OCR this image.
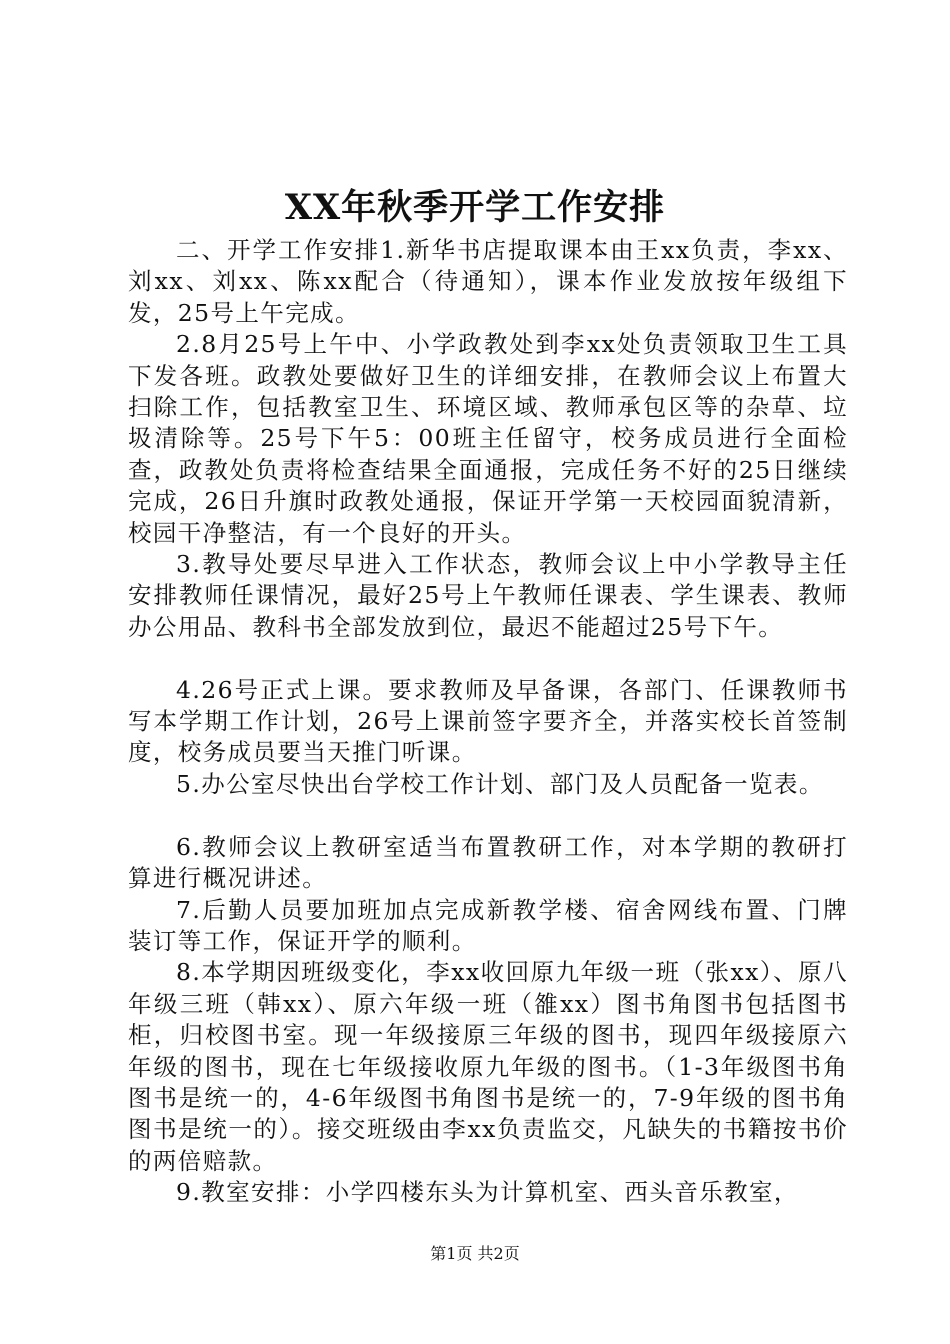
XX年秋季开学工作安排

二、开学工作安排1.新华书店提取课本由王xx负责，李xx、刘xx、刘xx、陈xx配合（待通知），课本作业发放按年级组下发，25号上午完成。

2.8月25号上午中、小学政教处到李xx处负责领取卫生工具下发各班。政教处要做好卫生的详细安排，在教师会议上布置大扫除工作，包括教室卫生、环境区域、教师承包区等的杂草、垃圾清除等。25号下午5：00班主任留守，校务成员进行全面检查，政教处负责将检查结果全面通报，完成任务不好的25日继续完成，26日升旗时政教处通报，保证开学第一天校园面貌清新，校园干净整洁，有一个良好的开头。

3.教导处要尽早进入工作状态，教师会议上中小学教导主任安排教师任课情况，最好25号上午教师任课表、学生课表、教师办公用品、教科书全部发放到位，最迟不能超过25号下午。

4.26号正式上课。要求教师及早备课，各部门、任课教师书写本学期工作计划，26号上课前签字要齐全，并落实校长首签制度，校务成员要当天推门听课。

5.办公室尽快出台学校工作计划、部门及人员配备一览表。

6.教师会议上教研室适当布置教研工作，对本学期的教研打算进行概况讲述。

7.后勤人员要加班加点完成新教学楼、宿舍网线布置、门牌装订等工作，保证开学的顺利。

8.本学期因班级变化，李xx收回原九年级一班（张xx）、原八年级三班（韩xx）、原六年级一班（雒xx）图书角图书包括图书柜，归校图书室。现一年级接原三年级的图书，现四年级接原六年级的图书，现在七年级接收原九年级的图书。（1-3年级图书角图书是统一的，4-6年级图书角图书是统一的，7-9年级的图书角图书是统一的）。接交班级由李xx负责监交，凡缺失的书籍按书价的两倍赔款。

9.教室安排：小学四楼东头为计算机室、西头音乐教室，

第1页 共2页
